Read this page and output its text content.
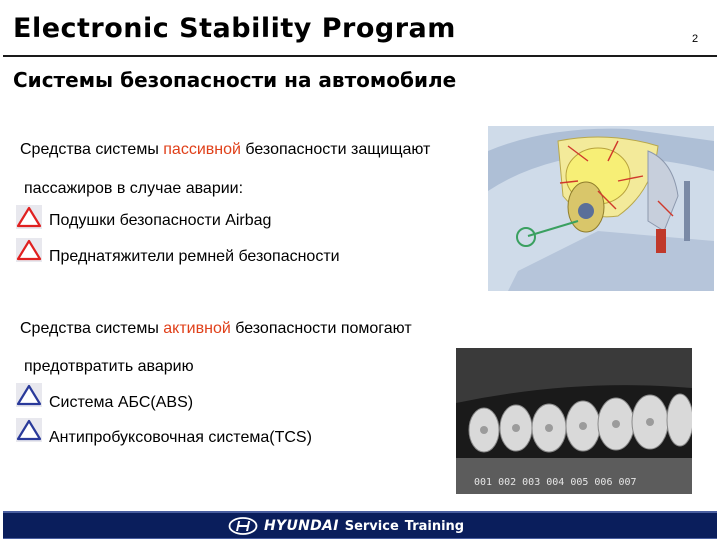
Electronic Stability Program	2
Системы безопасности на автомобиле
Средства системы пассивной безопасности защищают
пассажиров в случае аварии:
Подушки безопасности Airbag
Преднатяжители ремней безопасности
Средства системы активной безопасности помогают
предотвратить аварию
Система АБС(ABS)
Антипробуксовочная система(TCS)
001 002 003 004 005 006 007
HYUNDAI Service Training
